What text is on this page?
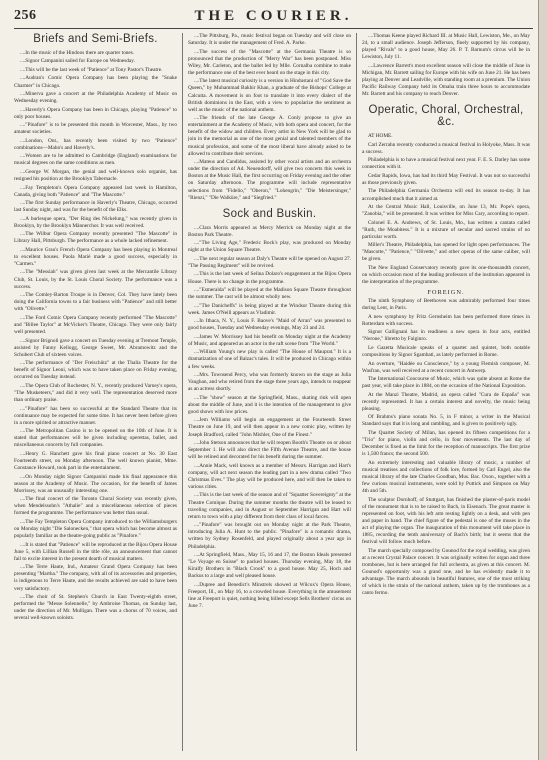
256	THE COURIER.
Briefs and Semi-Briefs.

....In the music of the Hindoos there are quarter tones.

....Signor Campanini sailed for Europe on Wednesday.

....This will be the last week of "Patience" at Tony Pastor's Theatre.

....Audran's Comic Opera Company has been playing the "Snake Charmer" in Chicago.

....Minerva gave a concert at the Philadelphia Academy of Music on Wednesday evening.

....Haverly's Opera Company has been in Chicago, playing "Patience" to only poor houses.

...."Pinafore" is to be presented this month in Worcester, Mass., by two amateur societies.

....London, Ont., has recently been visited by two "Patience" combinations—Mahn's and Haverly's.

....Women are to be admitted to Cambridge (England) examinations for musical degrees on the same conditions as men.

....George W. Morgan, the genial and well-known solo organist, has resigned his position at the Brooklyn Tabernacle.

....Fay Templeton's Opera Company appeared last week in Hamilton, Canada, giving both "Patience" and "The Mascotte."

....The first Sunday performance in Haverly's Theatre, Chicago, occurred last Sunday night, and was for the benefit of the Elks.

....A burlesque opera, "Der Ring des Nickelung," was recently given in Brooklyn, by the Brooklyn Männerchor. It was well received.

....The Wilbur Opera Company recently presented "The Mascotte" in Library Hall, Pittsburgh. The performance as a whole lacked refinement.

....Maurice Grau's French Opera Company has been playing in Montreal to excellent houses. Paola Marié made a good success, especially in "Carmen."

....The "Messiah" was given given last week at the Mercantile Library Club, St. Louis, by the St. Louis Choral Society. The performance was a success.

....The Comley-Barton Troupe is in Denver, Col. They have lately been doing the California towns to a fair business with "Patience" and still better with "Olivette."

....The Ford Comic Opera Company recently performed "The Mascotte" and "Billee Taylor" at McVicker's Theatre, Chicago. They were only fairly well presented.

....Signor Brignoli gave a concert on Tuesday evening at Tremont Temple, assisted by Fanny Kellogg, George Sweet, Mr. Abramowitz and the Schubert Club of sixteen voices.

....The performance of "Der Freischütz" at the Thalia Theatre for the benefit of Signor Leoni, which was to have taken place on Friday evening, occurred on Tuesday instead.

....The Opera Club of Rochester, N. Y., recently produced Varney's opera, "The Musketeers," and did it very well. The representation deserved more than ordinary praise.

...."Pinafore" has been so successful at the Standard Theatre that its continuance may be expected for some time. It has never been before given in a more spirited or attractive manner.

....The Metropolitan Casino is to be opened on the 10th of June. It is stated that performances will be given including operettas, ballet, and miscellaneous concerts by full companies.

....Henry G. Hanchett gave his final piano concert at No. 30 East Fourteenth street, on Monday afternoon. The well known pianist, Mme. Constance Howard, took part in the entertainment.

....On Monday night Signor Campanini made his final appearance this season at the Academy of Music. The occasion, for the benefit of James Morrissey, was an unusually interesting one.

....The final concert of the Toronto Choral Society was recently given, when Mendelssohn's "Athalie" and a miscellaneous selection of pieces formed the programme. The performance was better than usual.

....The Fay Templeton Opera Company introduced to the Williamsburgers on Monday night "Die Salonecken," that opera which has become almost as popularly familiar as the theatre-going public as "Pinafore."

....It is stated that "Patience" will be reproduced at the Bijou Opera House June 5, with Lillian Russell in the title rôle, an announcement that cannot fail to excite interest in the present dearth of musical matters.

....The Terre Haute, Ind., Amateur Grand Opera Company has been presenting "Martha." The company, with all of its accessories and properties, is indigenous to Terre Haute, and the results achieved are said to have been very satisfactory.

....The choir of St. Stephen's Church in East Twenty-eighth street, performed the "Messe Solennelle," by Ambroise Thomas, on Sunday last, under the direction of Mr. Mulligan. There was a chorus of 70 voices, and several well-known soloists.

....The Pittsburg, Pa., music festival began on Tuesday and will close on Saturday. It is under the management of Fred. A. Parke.

....The success of the "Mascotte" at the Germania Theatre is so pronounced that the production of "Merry War" has been postponed. Miss Wiley, Mr. Carleton, and the ballet led by Mlle. Cornalba combine to make the performance one of the best ever heard on the stage in this city.

....The latest musical curiosity is a version in Hindustani of "God Save the Queen," by Muhammad Bakhir Khan, a graduate of the Bishops' College at Calcutta. A movement is on foot to translate it into every dialect of the British dominions in the East, with a view to popularize the sentiment as well as the music of the national anthem.

....The friends of the late George A. Conly propose to give an entertainment at the Academy of Music, with both opera and concert, for the benefit of the widow and children. Every artist in New York will be glad to join in the memorial as one of the most genial and talented members of the musical profession, and some of the most liberal have already asked to be allowed to contribute their services.

....Mateus and Candidus, assisted by other vocal artists and an orchestra under the direction of Ad. Neuendorff, will give two concerts this week in Boston at the Music Hall, the first occurring on Friday evening and the other on Saturday afternoon. The programme will include representative selections from "Fidelio," "Oberon," "Lohengrin," "Die Meistersinger," "Rienzi," "Die Walküre," and "Siegfried."

Sock and Buskin.

....Clara Morris appeared as Mercy Merrick on Monday night at the Boston Park Theatre.

...."The Living Age," Frederic Bock's play, was produced on Monday night at the Union Square Theatre.

....The next regular season at Daly's Theatre will be opened on August 27. "The Passing Regiment" will be revived.

....This is the last week of Selina Dolaro's engagement at the Bijou Opera House. There is no change in the programme.

...."Esmeralda" will be played at the Madison Square Theatre throughout the summer. The cast will be almost wholly new.

...."The Danicheffs" is being played at the Windsor Theatre during this week. James O'Neill appears as Vladimir.

....In Ithaca, N. Y., Louis F. Baove's "Maid of Arran" was presented to good houses, Tuesday and Wednesday evenings, May 23 and 24.

....James W. Morrissey had his benefit on Monday night at the Academy of Music, and appeared as an actor in the raft scene from "The World."

....William Young's new play is called "The House of Mauprat." It is a dramatization of one of Balzac's tales. It will be produced in Chicago within a few weeks.

....Mrs. Townsend Percy, who was formerly known on the stage as Julia Vaughan, and who retired from the stage three years ago, intends to reappear as an actress shortly.

....The "show" season at the Springfield, Mass., skating rink will open about the middle of June, and it is the intention of the management to give good shows with low prices.

....Jem Williams will begin an engagement at the Fourteenth Street Theatre on June 19, and will then appear in a new comic play, written by Joseph Bradford, called "John Mishler, One of the Finest."

....John Stetson announces that he will reopen Booth's Theatre on or about September 1. He will also direct the Fifth Avenue Theatre, and the house will be relined and decorated for his benefit during the summer.

....Annie Mack, well known as a member of Messrs. Harrigan and Hart's company, will act next season the leading part in a new drama called "Two Christmas Eves." The play will be produced here, and will then be taken to various cities.

....This is the last week of the season and of "Squatter Sovereignty" at the Theatre Comique. During the summer months the theatre will be leased to traveling companies, and in August or September Harrigan and Hart will return to town with a play different from their class of local farces.

...."Pinafore" was brought out on Monday night at the Park Theatre, introducing Julia A. Hunt to the public. "Pinafore" is a romantic drama, written by Sydney Rosenfeld, and played originally about a year ago in Philadelphia.

....At Springfield, Mass., May 15, 16 and 17, the Boston Ideals presented "Le Voyage en Suisse" to packed houses. Thursday evening, May 18, the Kiralfy Brothers in "Black Crook" to a good house. May 25, Hoch and Backus to a large and well pleased house.

....Dupree and Benedict's Minstrels showed at Wilcox's Opera House, Freeport, Ill., on May 16, to a crowded house. Everything in the amusement line at Freeport is quiet, nothing being billed except Sells Brothers' circus on June 7.

....Thomas Keene played Richard III. at Music Hall, Lewiston, Me., on May 24, to a small audience. Joseph Jefferson, finely supported by his company, played "Rivals" to a good house, May 26. P. T. Barnum's circus will be in Lewiston, July 11.

....Lawrence Barrett's most excellent season will close the middle of June in Michigan, Mr. Barrett sailing for Europe with his wife on June 21. He has been playing at Denver and Leadville, with standing room at a premium. The Union Pacific Railway Company held its Omaha train three hours to accommodate Mr. Barrett and his company to reach Denver.

Operatic, Choral, Orchestral, &c.

AT HOME.

Carl Zerrahn recently conducted a musical festival in Holyoke, Mass. It was a success.

Philadelphia is to have a musical festival next year. F. E. S. Darley has some connection with it.

Cedar Rapids, Iowa, has had its third May Festival. It was not so successful as those previously given.

The Philadelphia Germania Orchestra will end its season to-day. It has accomplished much that it aimed at.

At the Central Music Hall, Louisville, on June 13, Mr. Pope's opera, "Zanobia," will be presented. It was written for Miss Cary, according to report.

Colonel E. A. Andrews, of St. Louis, Mo., has written a cantata called "Ruth, the Moabitess." It is a mixture of secular and sacred strains of no particular worth.

Miller's Theatre, Philadelphia, has opened for light open performances. The "Mascotte," "Patience," "Olivette," and other operas of the same caliber, will be given.

The New England Conservatory recently gave its one-thousandth concert, on which occasion most of the leading professors of the institution appeared in the interpretation of the programme.

FOREIGN.

The ninth Symphony of Beethoven was admirably performed four times during Lent, in Paris.

A new symphony by Fritz Gernsheim has been performed three times in Rotterdam with success.

Signor Gallignani has in readiness a new opera in four acts, entitled "Nerone," libretto by Falginro.

Le Gazetta Musicale speaks of a quartet and quintet, both notable compositions by Signor Sgambati, as lately performed in Rome.

An overture, "Haidée ou Conscience," by a young Flemish composer, M. Wasfran, was well received at a recent concert in Antwerp.

The International Concourse of Music, which was quite absent at Rome the past year, will take place in 1884, on the occasion of the National Exposition.

At the Manzi Theatre, Madrid, an opera called "Cura de España" was recently represented. It has a certain interest and novelty, the music being pleasing.

Of Brahms's piano sonata No. 5, in F minor, a writer in the Musical Standard says that it is long and rambling, and is given to positively ugly.

The Quartet Society of Milan, has opened its fifteen competitions for a "Trio" for piano, violin and cello, in four movements. The last day of December is fixed as the limit for the reception of manuscripts. The first prize is 1,500 francs; the second 500.

An extremely interesting and valuable library of music, a number of musical treatises and collections of folk lore, formed by Carl Engel, also the musical library of the late Charles Goodban, Mus. Bac. Oxon., together with a few curious musical instruments, were sold by Puttick and Simpson on May 4th and 5th.

The sculptor Dornhoff, of Stuttgart, has finished the plaster-of-paris model of the monument that is to be raised to Bach, in Eisenach. The great master is represented on foot, with his left arm resting lightly on a desk, and with pen and paper in hand. The chief figure of the pedestal is one of the muses in the act of playing the organ. The inauguration of this monument will take place in 1885, recording the tenth anniversary of Bach's birth; but it seems that the festival will follow much before.

The march specially composed by Gounod for the royal wedding, was given at a recent Crystal Palace concert. It was originally written for organ and three trombones, but is here arranged for full orchestra, as given at this concert. M. Gounod's opportunity was a grand one, and he has evidently made it to advantage. The march abounds in beautiful features, one of the most striking of which is the strain of the national anthem, taken up by the trombones as a canto fermo.
